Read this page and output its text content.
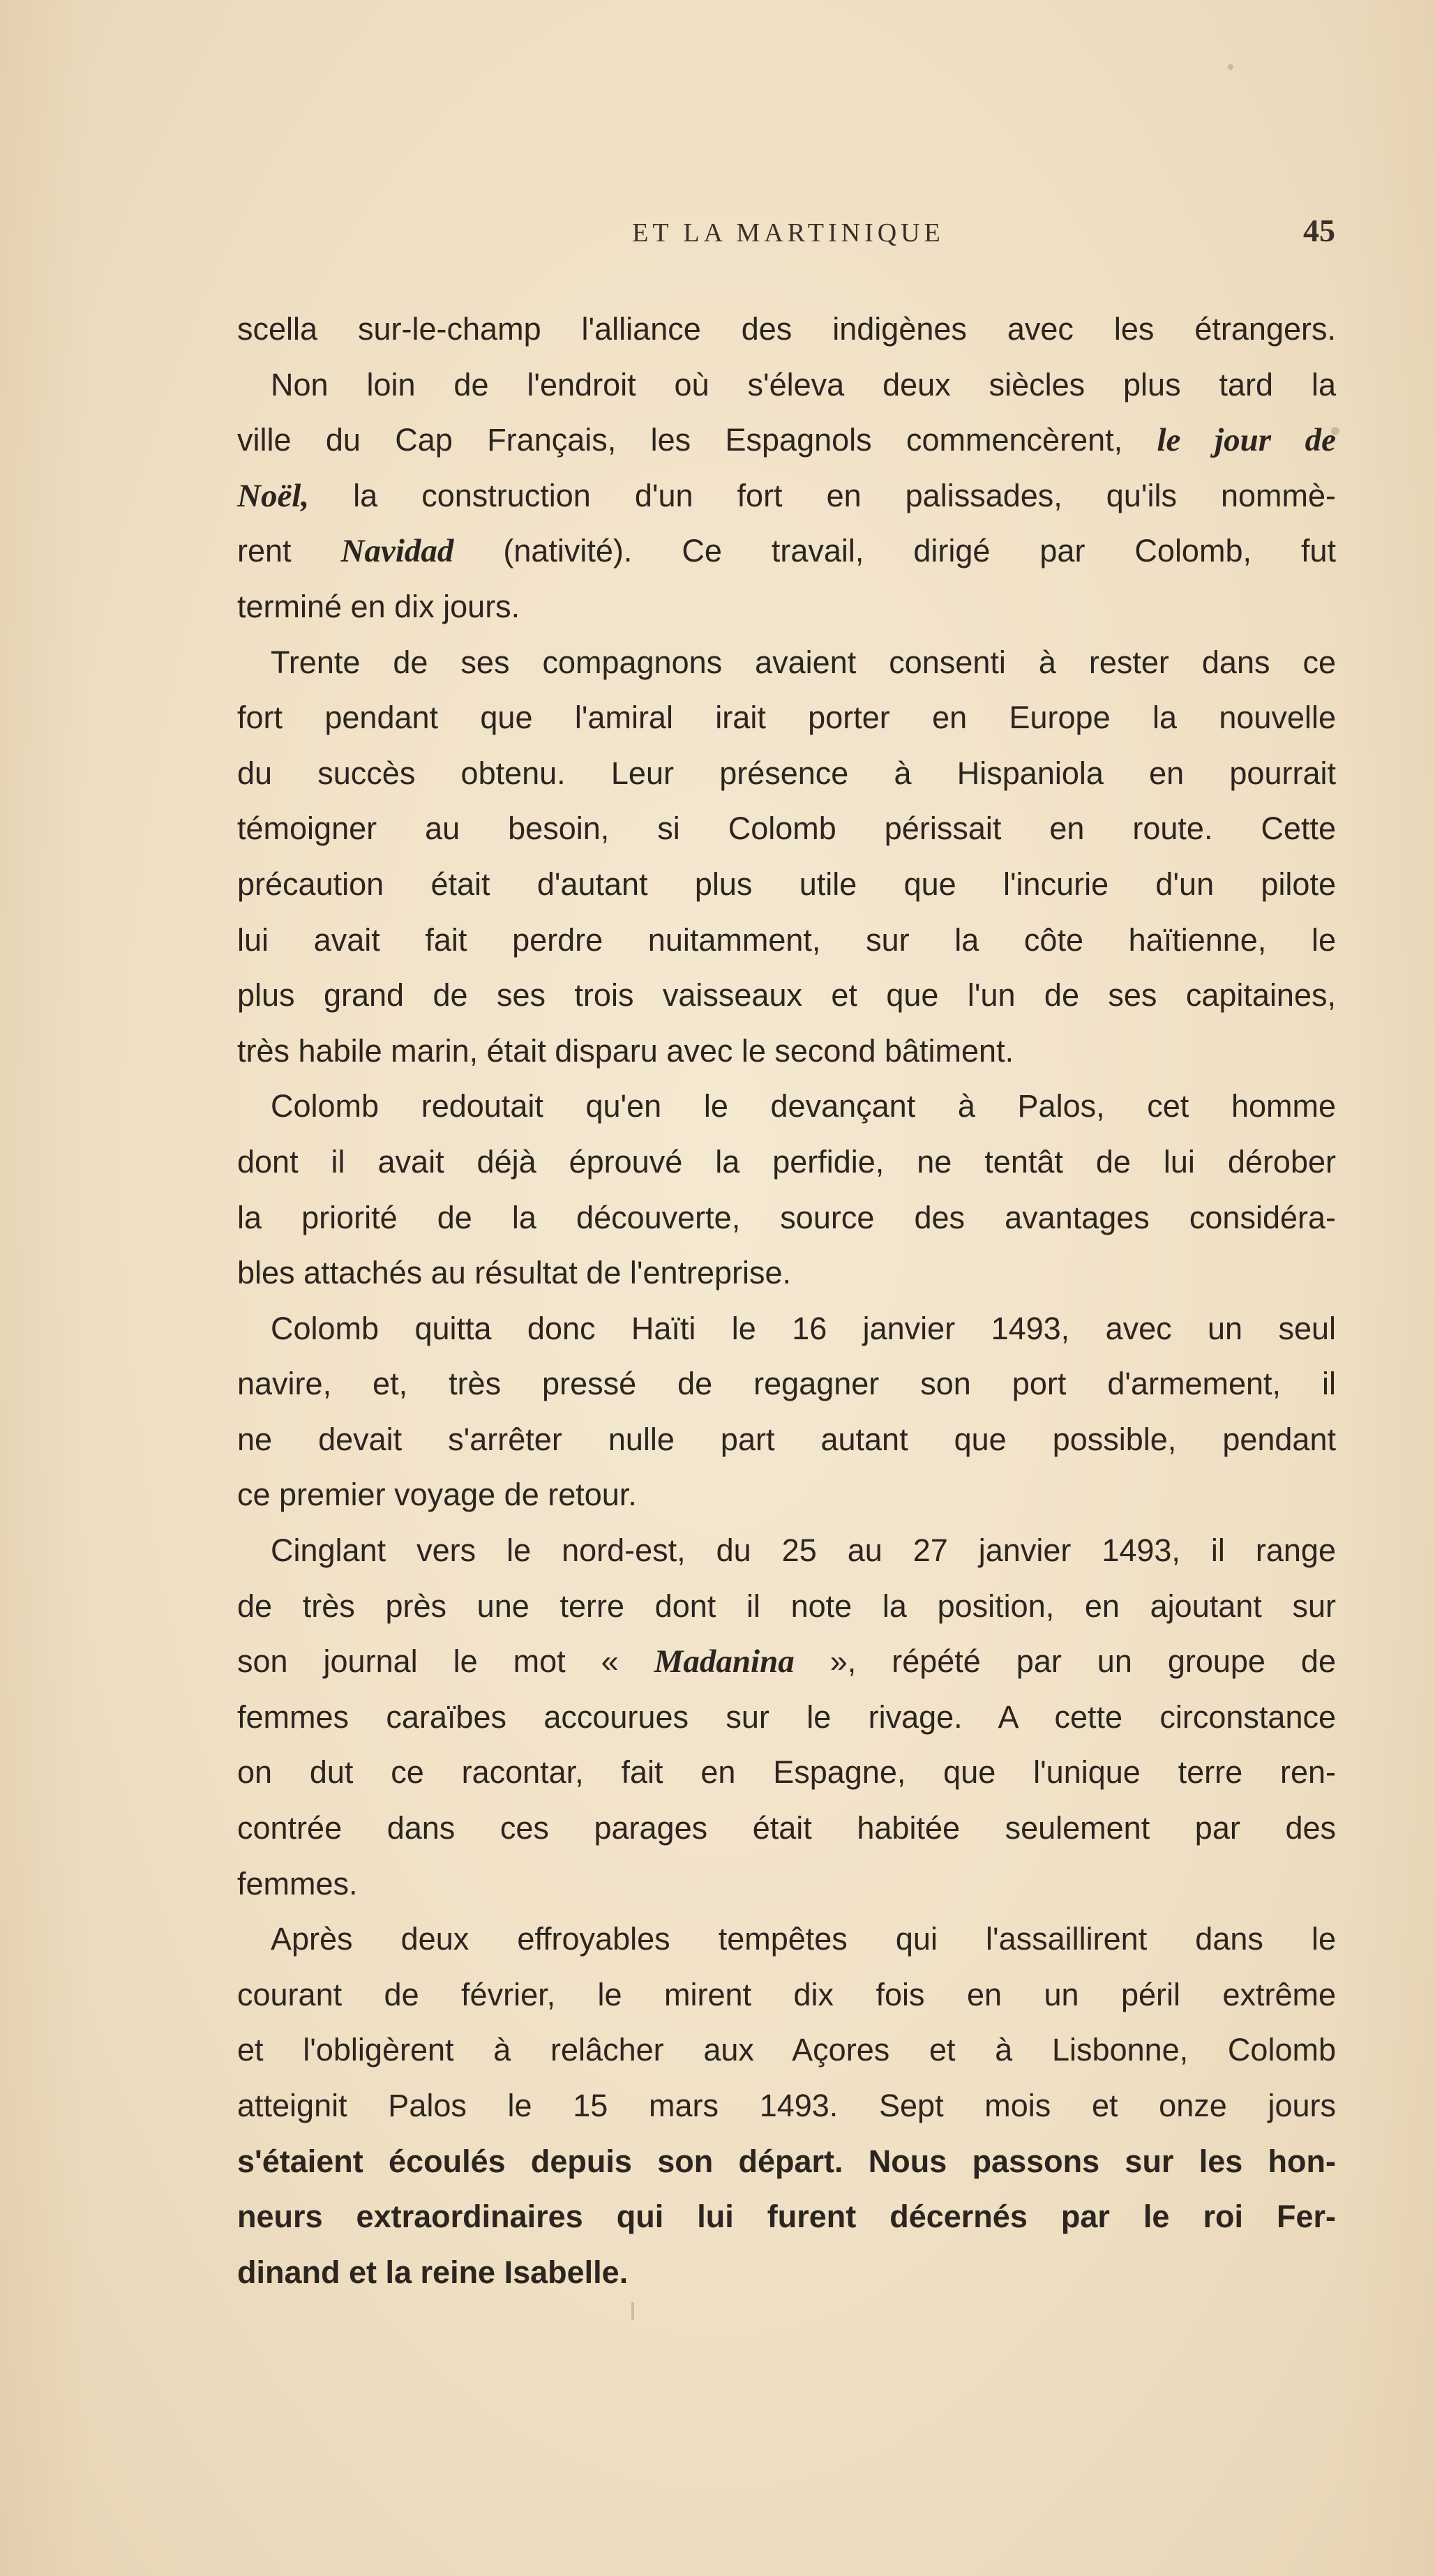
ET LA MARTINIQUE	45
scella sur-le-champ l'alliance des indigènes avec les étrangers.
Non loin de l'endroit où s'éleva deux siècles plus tard la
ville du Cap Français, les Espagnols commencèrent, le jour de
Noël, la construction d'un fort en palissades, qu'ils nommè-
rent Navidad (nativité). Ce travail, dirigé par Colomb, fut
terminé en dix jours.
Trente de ses compagnons avaient consenti à rester dans ce
fort pendant que l'amiral irait porter en Europe la nouvelle
du succès obtenu. Leur présence à Hispaniola en pourrait
témoigner au besoin, si Colomb périssait en route. Cette
précaution était d'autant plus utile que l'incurie d'un pilote
lui avait fait perdre nuitamment, sur la côte haïtienne, le
plus grand de ses trois vaisseaux et que l'un de ses capitaines,
très habile marin, était disparu avec le second bâtiment.
Colomb redoutait qu'en le devançant à Palos, cet homme
dont il avait déjà éprouvé la perfidie, ne tentât de lui dérober
la priorité de la découverte, source des avantages considéra-
bles attachés au résultat de l'entreprise.
Colomb quitta donc Haïti le 16 janvier 1493, avec un seul
navire, et, très pressé de regagner son port d'armement, il
ne devait s'arrêter nulle part autant que possible, pendant
ce premier voyage de retour.
Cinglant vers le nord-est, du 25 au 27 janvier 1493, il range
de très près une terre dont il note la position, en ajoutant sur
son journal le mot « Madanina », répété par un groupe de
femmes caraïbes accourues sur le rivage. A cette circonstance
on dut ce racontar, fait en Espagne, que l'unique terre ren-
contrée dans ces parages était habitée seulement par des
femmes.
Après deux effroyables tempêtes qui l'assaillirent dans le
courant de février, le mirent dix fois en un péril extrême
et l'obligèrent à relâcher aux Açores et à Lisbonne, Colomb
atteignit Palos le 15 mars 1493. Sept mois et onze jours
s'étaient écoulés depuis son départ. Nous passons sur les hon-
neurs extraordinaires qui lui furent décernés par le roi Fer-
dinand et la reine Isabelle.
